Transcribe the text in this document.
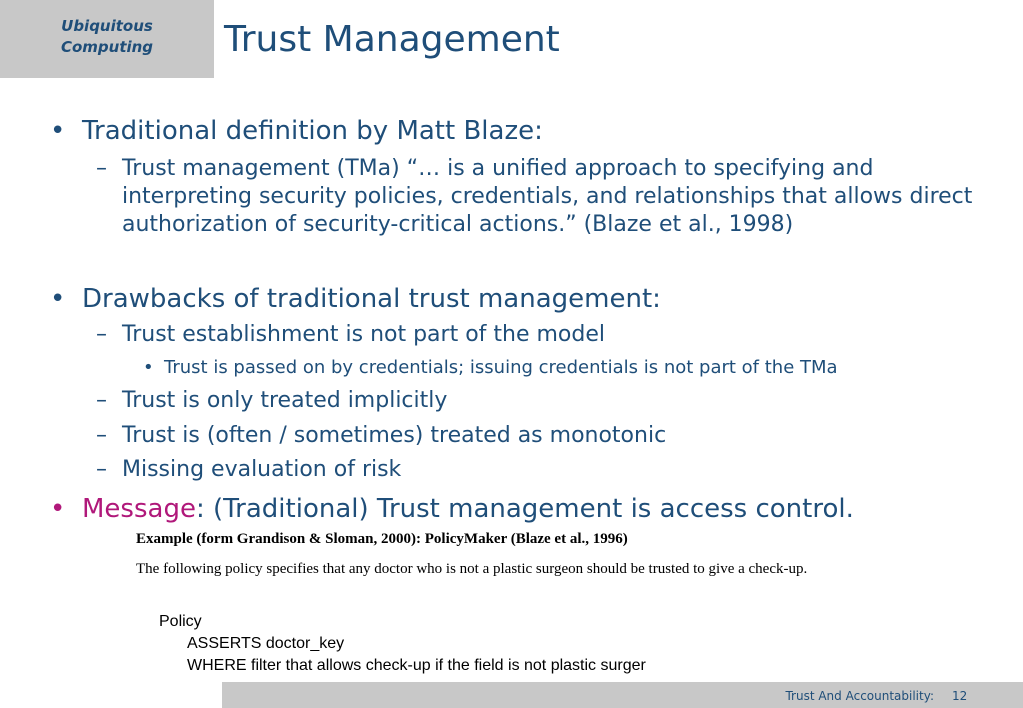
Ubiquitous
Computing	Trust Management
• Traditional definition by Matt Blaze:
– Trust management (TMa) “… is a unified approach to specifying and interpreting security policies, credentials, and relationships that allows direct authorization of security-critical actions.” (Blaze et al., 1998)
• Drawbacks of traditional trust management:
– Trust establishment is not part of the model
• Trust is passed on by credentials; issuing credentials is not part of the TMa
– Trust is only treated implicitly
– Trust is (often / sometimes) treated as monotonic
– Missing evaluation of risk
• Message: (Traditional) Trust management is access control.
Example (form Grandison & Sloman, 2000): PolicyMaker (Blaze et al., 1996)
The following policy specifies that any doctor who is not a plastic surgeon should be trusted to give a check-up.
Policy
ASSERTS doctor_key
WHERE filter that allows check-up if the field is not plastic surger
Trust And Accountability: 12
